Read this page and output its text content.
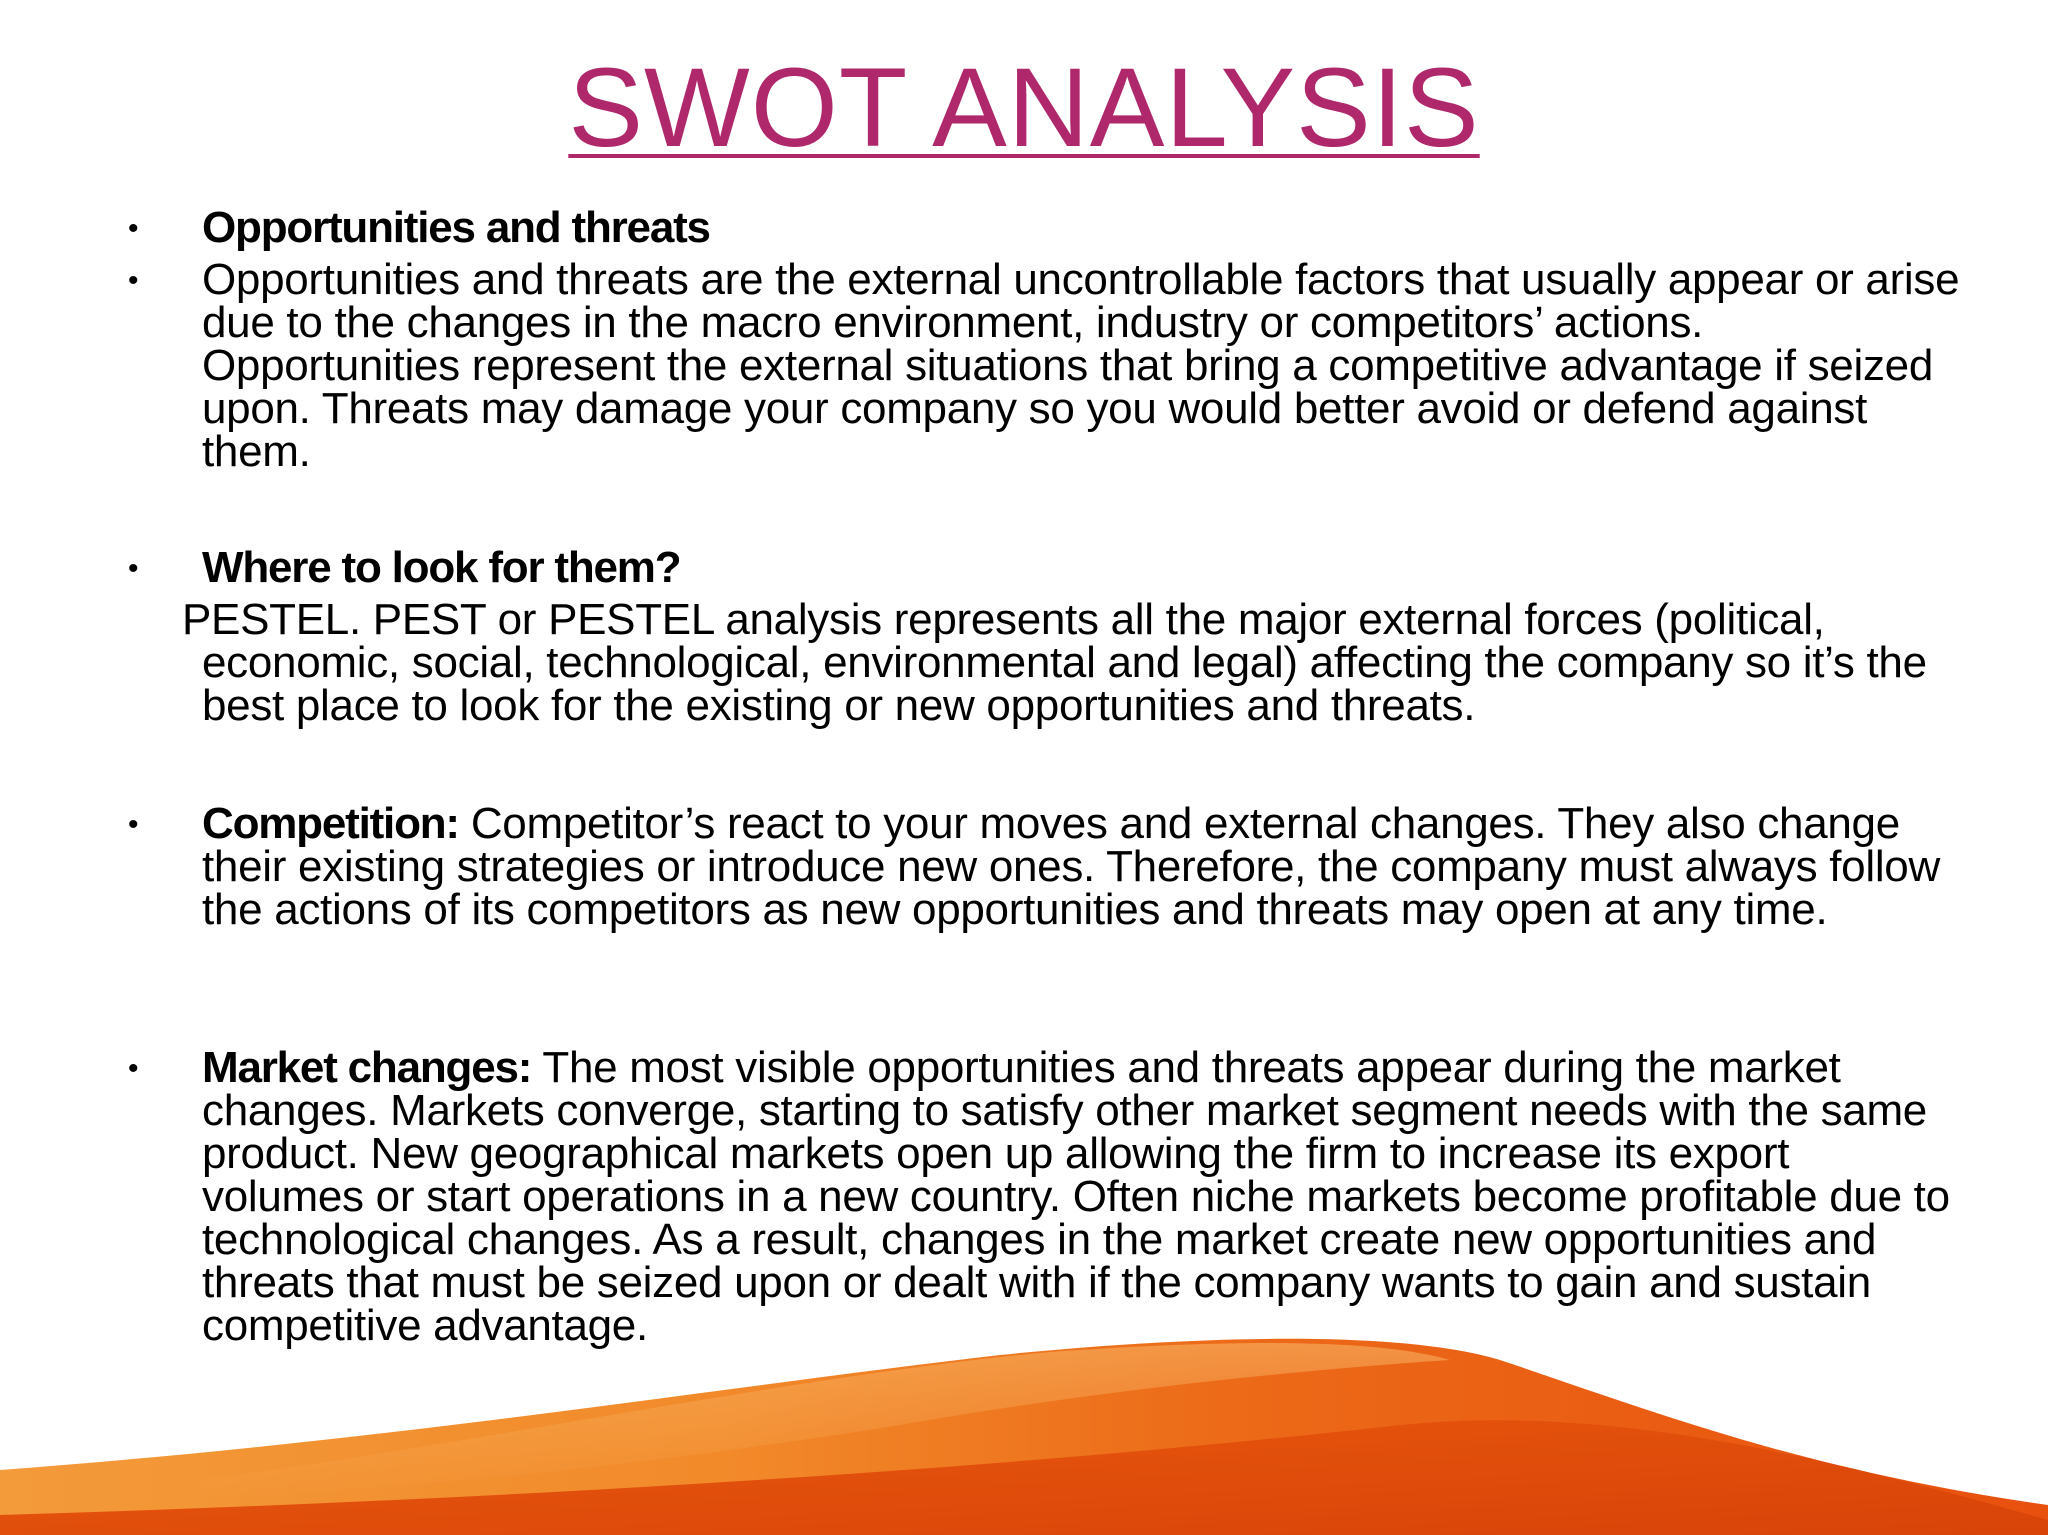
SWOT ANALYSIS
• Opportunities and threats
• Opportunities and threats are the external uncontrollable factors that usually appear or arise due to the changes in the macro environment, industry or competitors’ actions. Opportunities represent the external situations that bring a competitive advantage if seized upon. Threats may damage your company so you would better avoid or defend against them.
• Where to look for them?
PESTEL. PEST or PESTEL analysis represents all the major external forces (political, economic, social, technological, environmental and legal) affecting the company so it’s the best place to look for the existing or new opportunities and threats.
• Competition: Competitor’s react to your moves and external changes. They also change their existing strategies or introduce new ones. Therefore, the company must always follow the actions of its competitors as new opportunities and threats may open at any time.
• Market changes: The most visible opportunities and threats appear during the market changes. Markets converge, starting to satisfy other market segment needs with the same product. New geographical markets open up allowing the firm to increase its export volumes or start operations in a new country. Often niche markets become profitable due to technological changes. As a result, changes in the market create new opportunities and threats that must be seized upon or dealt with if the company wants to gain and sustain competitive advantage.
